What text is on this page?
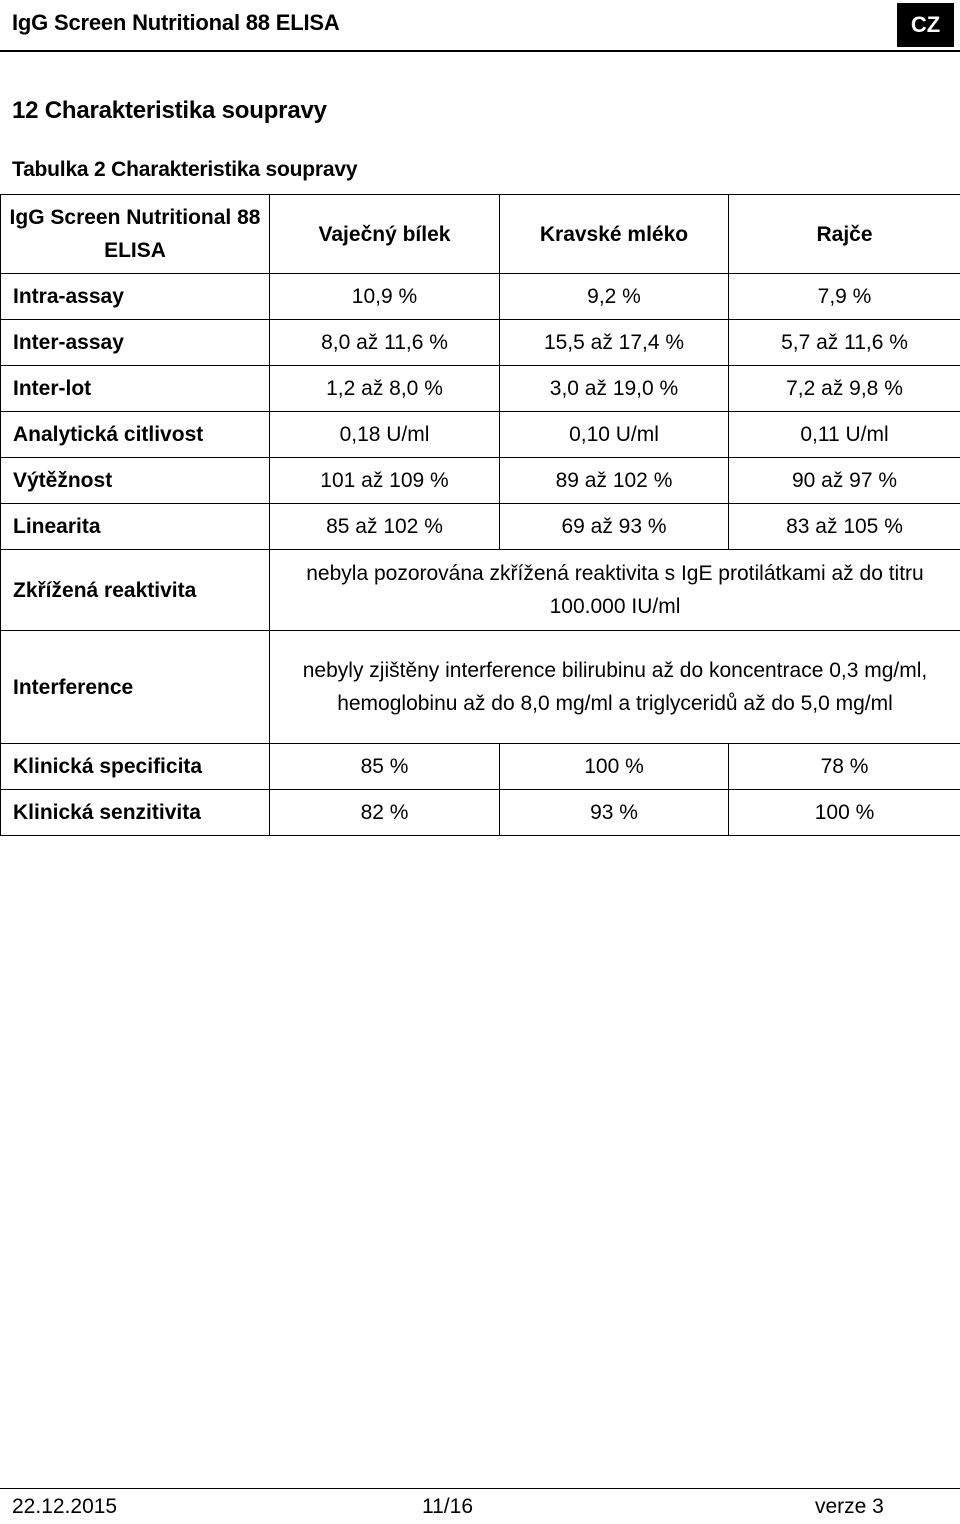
IgG Screen Nutritional 88 ELISA	CZ
12 Charakteristika soupravy
Tabulka 2 Charakteristika soupravy
IgG Screen Nutritional 88 ELISA	Vaječný bílek	Kravské mléko	Rajče
Intra-assay	10,9 %	9,2 %	7,9 %
Inter-assay	8,0 až 11,6 %	15,5 až 17,4 %	5,7 až 11,6 %
Inter-lot	1,2 až 8,0 %	3,0 až 19,0 %	7,2 až 9,8 %
Analytická citlivost	0,18 U/ml	0,10 U/ml	0,11 U/ml
Výtěžnost	101 až 109 %	89 až 102 %	90 až 97 %
Linearita	85 až 102 %	69 až 93 %	83 až 105 %
Zkřížená reaktivita	nebyla pozorována zkřížená reaktivita s IgE protilátkami až do titru 100.000 IU/ml		
Interference	nebyly zjištěny interference bilirubinu až do koncentrace 0,3 mg/ml, hemoglobinu až do 8,0 mg/ml a triglyceridů až do 5,0 mg/ml		
Klinická specificita	85 %	100 %	78 %
Klinická senzitivita	82 %	93 %	100 %
22.12.2015	11/16	verze 3
